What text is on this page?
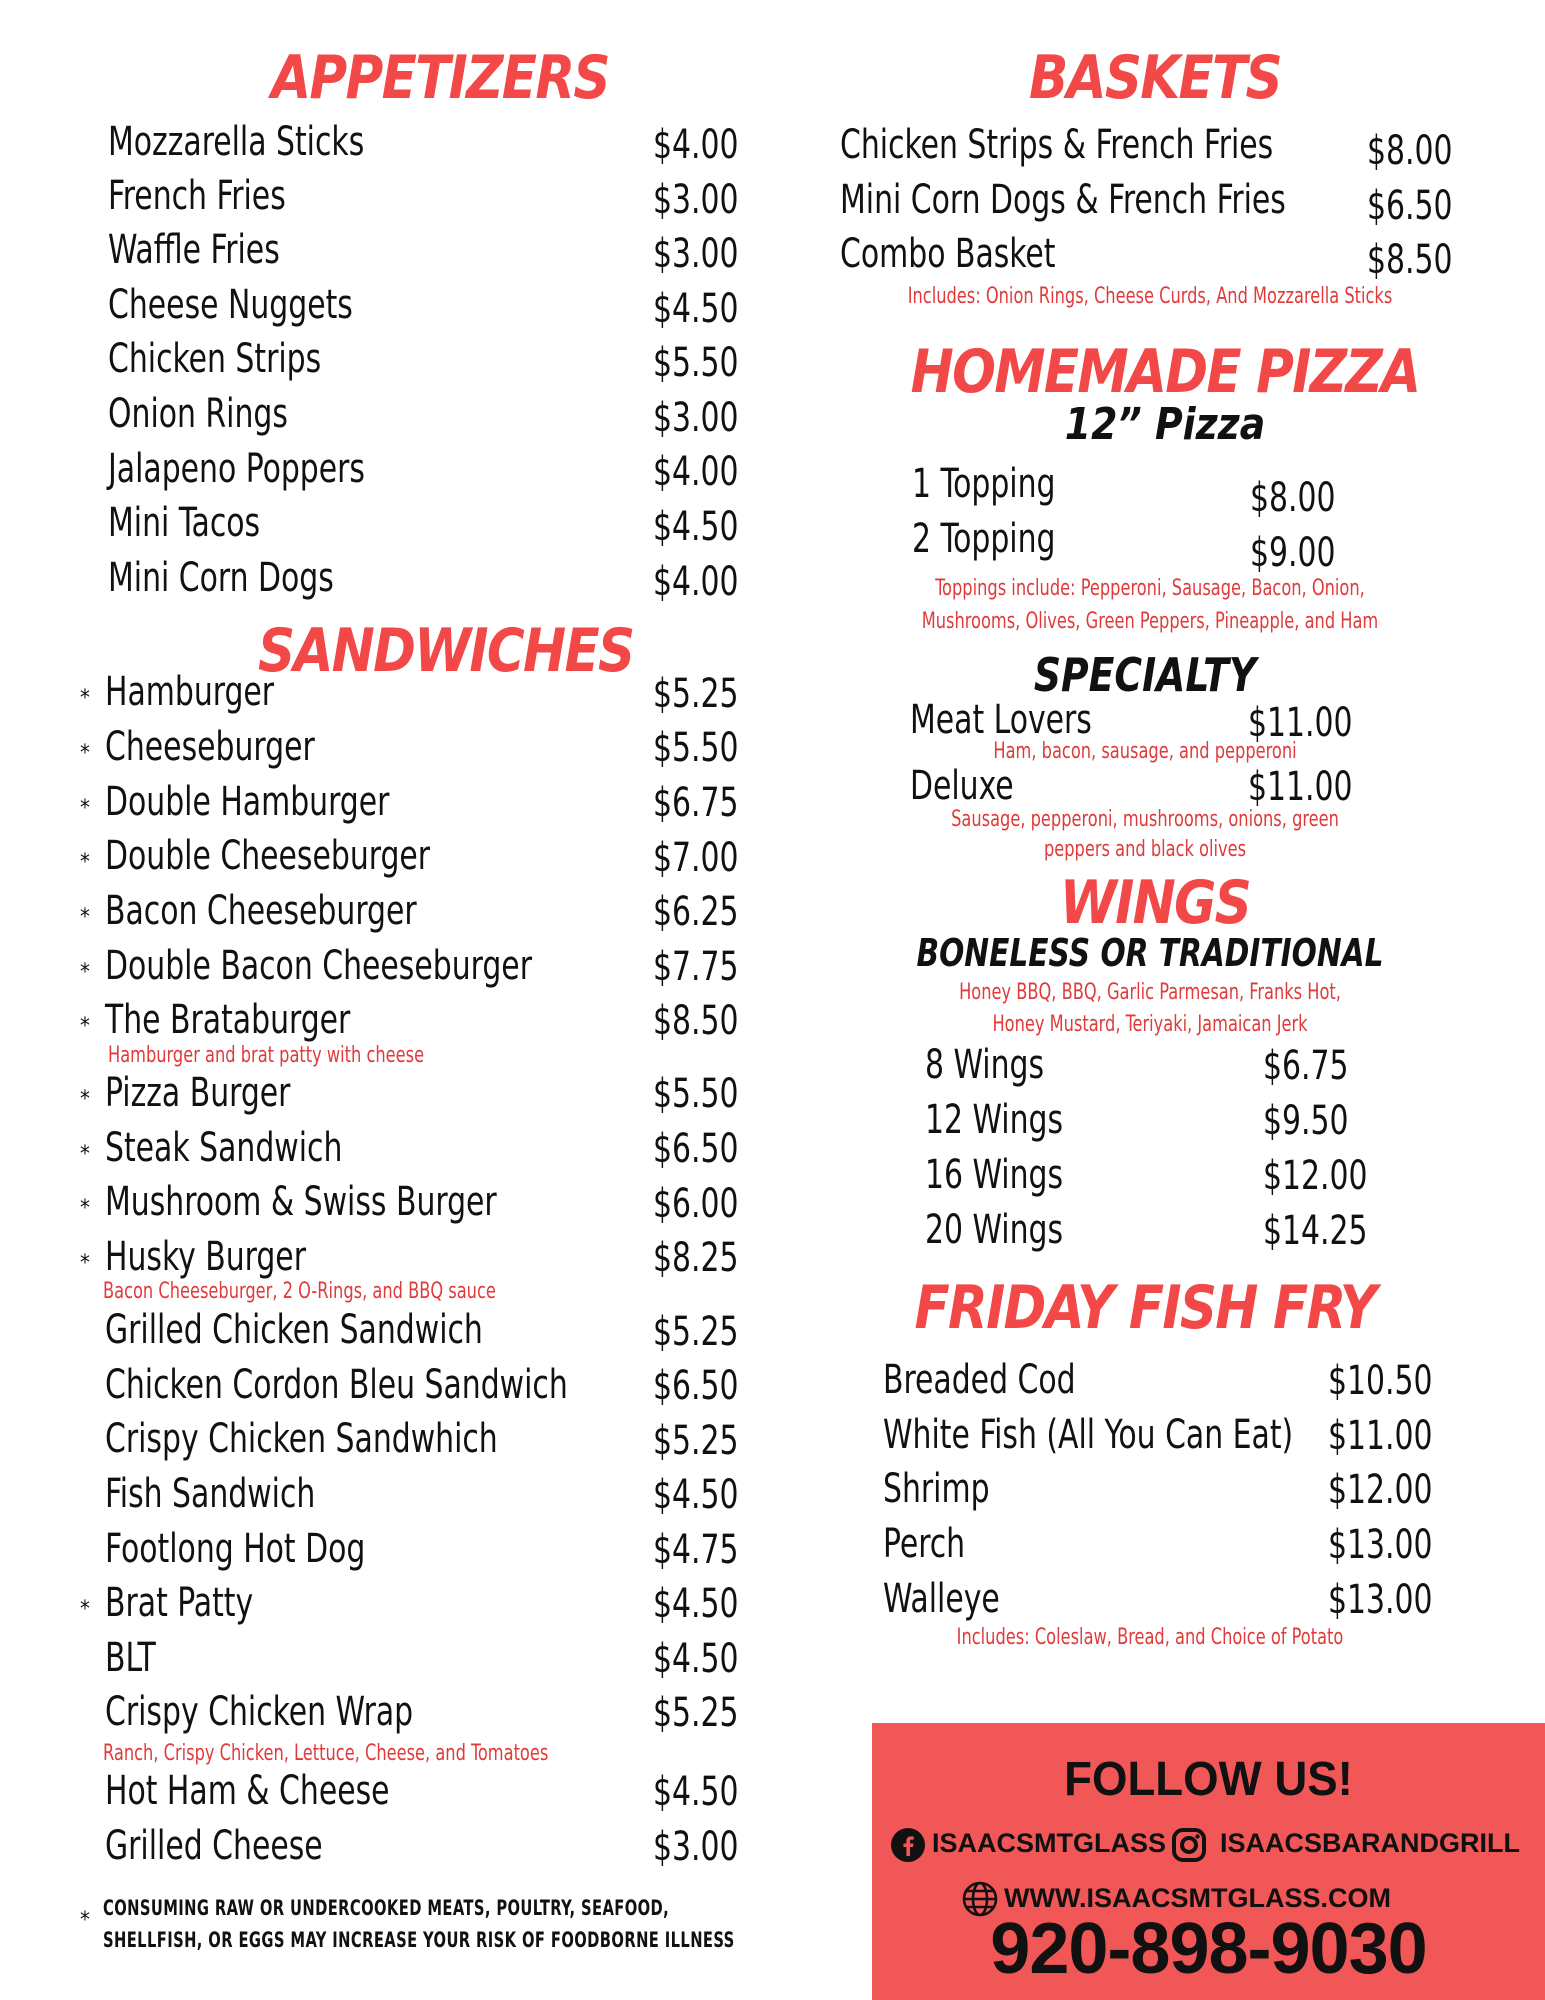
APPETIZERS
Mozzarella Sticks	$4.00
French Fries	$3.00
Waffle Fries	$3.00
Cheese Nuggets	$4.50
Chicken Strips	$5.50
Onion Rings	$3.00
Jalapeno Poppers	$4.00
Mini Tacos	$4.50
Mini Corn Dogs	$4.00
SANDWICHES
* Hamburger	$5.25
* Cheeseburger	$5.50
* Double Hamburger	$6.75
* Double Cheeseburger	$7.00
* Bacon Cheeseburger	$6.25
* Double Bacon Cheeseburger	$7.75
* The Brataburger	$8.50
Hamburger and brat patty with cheese
* Pizza Burger	$5.50
* Steak Sandwich	$6.50
* Mushroom & Swiss Burger	$6.00
* Husky Burger	$8.25
Bacon Cheeseburger, 2 O-Rings, and BBQ sauce
Grilled Chicken Sandwich	$5.25
Chicken Cordon Bleu Sandwich $6.50
Crispy Chicken Sandwhich	$5.25
Fish Sandwich	$4.50
Footlong Hot Dog	$4.75
* Brat Patty	$4.50
BLT	$4.50
Crispy Chicken Wrap	$5.25
Ranch, Crispy Chicken, Lettuce, Cheese, and Tomatoes
Hot Ham & Cheese	$4.50
Grilled Cheese	$3.00
* CONSUMING RAW OR UNDERCOOKED MEATS, POULTRY, SEAFOOD,
SHELLFISH, OR EGGS MAY INCREASE YOUR RISK OF FOODBORNE ILLNESS
BASKETS
Chicken Strips & French Fries $8.00
Mini Corn Dogs & French Fries $6.50
Combo Basket	$8.50
Includes: Onion Rings, Cheese Curds, And Mozzarella Sticks
HOMEMADE PIZZA
12” Pizza
1 Topping	$8.00
2 Topping	$9.00
Toppings include: Pepperoni, Sausage, Bacon, Onion,
Mushrooms, Olives, Green Peppers, Pineapple, and Ham
SPECIALTY
Meat Lovers	$11.00
Ham, bacon, sausage, and pepperoni
Deluxe	$11.00
Sausage, pepperoni, mushrooms, onions, green
peppers and black olives
WINGS
BONELESS OR TRADITIONAL
Honey BBQ, BBQ, Garlic Parmesan, Franks Hot,
Honey Mustard, Teriyaki, Jamaican Jerk
8 Wings	$6.75
12 Wings	$9.50
16 Wings	$12.00
20 Wings	$14.25
FRIDAY FISH FRY
Breaded Cod	$10.50
White Fish (All You Can Eat) $11.00
Shrimp	$12.00
Perch	$13.00
Walleye	$13.00
Includes: Coleslaw, Bread, and Choice of Potato
FOLLOW US!
ISAACSMTGLASS ISAACSBARANDGRILL
WWW.ISAACSMTGLASS.COM
920-898-9030
